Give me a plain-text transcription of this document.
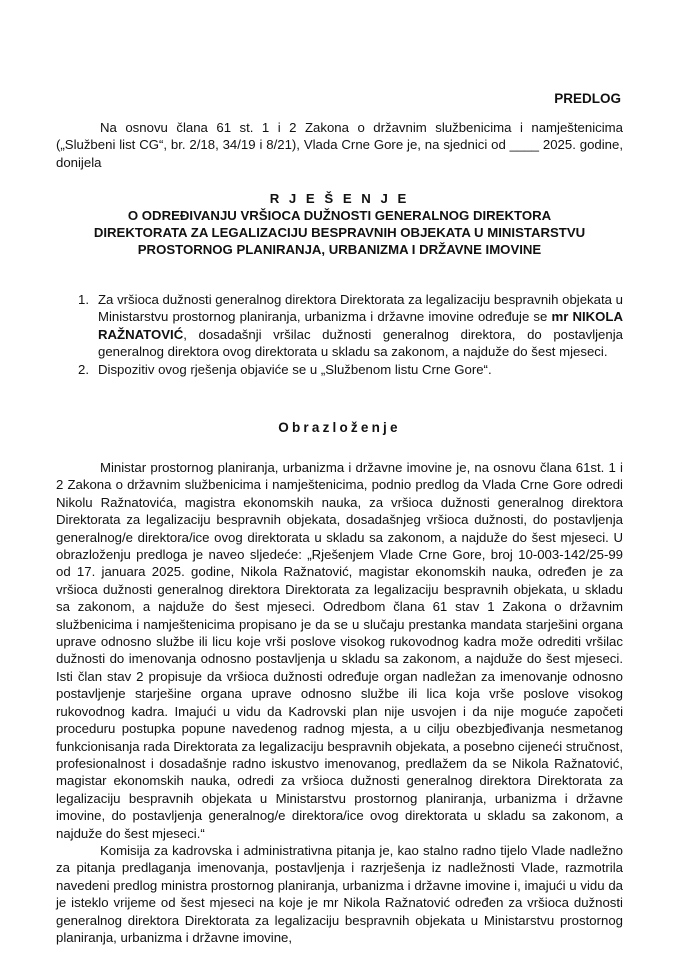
PREDLOG
Na osnovu člana 61 st. 1 i 2 Zakona o državnim službenicima i namještenicima („Službeni list CG“, br. 2/18, 34/19 i 8/21), Vlada Crne Gore je, na sjednici od ____ 2025. godine, donijela
R J E Š E N J E
O ODREĐIVANJU VRŠIOCA DUŽNOSTI GENERALNOG DIREKTORA
DIREKTORATA ZA LEGALIZACIJU BESPRAVNIH OBJEKATA U MINISTARSTVU
PROSTORNOG PLANIRANJA, URBANIZMA I DRŽAVNE IMOVINE
1. Za vršioca dužnosti generalnog direktora Direktorata za legalizaciju bespravnih objekata u Ministarstvu prostornog planiranja, urbanizma i državne imovine određuje se mr NIKOLA RAŽNATOVIĆ, dosadašnji vršilac dužnosti generalnog direktora, do postavljenja generalnog direktora ovog direktorata u skladu sa zakonom, a najduže do šest mjeseci.
2. Dispozitiv ovog rješenja objaviće se u „Službenom listu Crne Gore“.
Obrazloženje

Ministar prostornog planiranja, urbanizma i državne imovine je, na osnovu člana 61st. 1 i 2 Zakona o državnim službenicima i namještenicima, podnio predlog da Vlada Crne Gore odredi Nikolu Ražnatovića, magistra ekonomskih nauka, za vršioca dužnosti generalnog direktora Direktorata za legalizaciju bespravnih objekata, dosadašnjeg vršioca dužnosti, do postavljenja generalnog/e direktora/ice ovog direktorata u skladu sa zakonom, a najduže do šest mjeseci. U obrazloženju predloga je naveo sljedeće: „Rješenjem Vlade Crne Gore, broj 10-003-142/25-99 od 17. januara 2025. godine, Nikola Ražnatović, magistar ekonomskih nauka, određen je za vršioca dužnosti generalnog direktora Direktorata za legalizaciju bespravnih objekata, u skladu sa zakonom, a najduže do šest mjeseci. Odredbom člana 61 stav 1 Zakona o državnim službenicima i namještenicima propisano je da se u slučaju prestanka mandata starješini organa uprave odnosno službe ili licu koje vrši poslove visokog rukovodnog kadra može odrediti vršilac dužnosti do imenovanja odnosno postavljenja u skladu sa zakonom, a najduže do šest mjeseci. Isti član stav 2 propisuje da vršioca dužnosti određuje organ nadležan za imenovanje odnosno postavljenje starješine organa uprave odnosno službe ili lica koja vrše poslove visokog rukovodnog kadra. Imajući u vidu da Kadrovski plan nije usvojen i da nije moguće započeti proceduru postupka popune navedenog radnog mjesta, a u cilju obezbjeđivanja nesmetanog funkcionisanja rada Direktorata za legalizaciju bespravnih objekata, a posebno cijeneći stručnost, profesionalnost i dosadašnje radno iskustvo imenovanog, predlažem da se Nikola Ražnatović, magistar ekonomskih nauka, odredi za vršioca dužnosti generalnog direktora Direktorata za legalizaciju bespravnih objekata u Ministarstvu prostornog planiranja, urbanizma i državne imovine, do postavljenja generalnog/e direktora/ice ovog direktorata u skladu sa zakonom, a najduže do šest mjeseci.“

Komisija za kadrovska i administrativna pitanja je, kao stalno radno tijelo Vlade nadležno za pitanja predlaganja imenovanja, postavljenja i razrješenja iz nadležnosti Vlade, razmotrila navedeni predlog ministra prostornog planiranja, urbanizma i državne imovine i, imajući u vidu da je isteklo vrijeme od šest mjeseci na koje je mr Nikola Ražnatović određen za vršioca dužnosti generalnog direktora Direktorata za legalizaciju bespravnih objekata u Ministarstvu prostornog planiranja, urbanizma i državne imovine,
